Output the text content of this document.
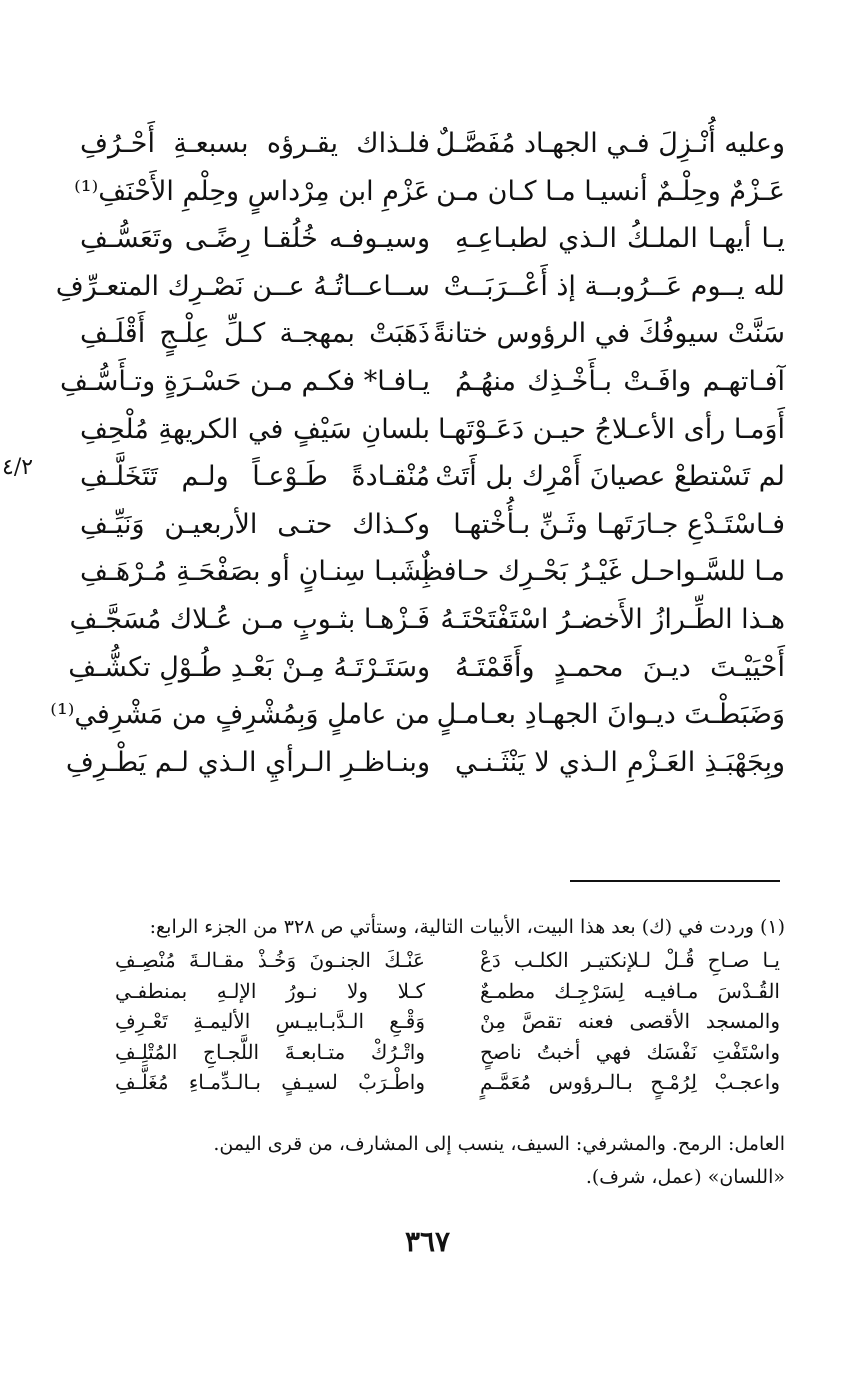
وعليه أُنْـزِلَ فـي الجهـاد مُفَصَّـلٌ
عَـزْمٌ وحِلْـمٌ أنسيـا مـا كـان مـن
يـا أيهـا الملـكُ الـذي لطبـاعِـهِ
لله يــوم عَــرُوبــة إذ أَعْــرَبَــتْ
سَنَّتْ سيوفُكَ في الرؤوس ختانةً
آفـاتهـم وافَـتْ بـأَخْـذِك منهُـمُ
أَوَمـا رأى الأعـلاجُ حيـن دَعَـوْتَهـا
لم تَسْتطعْ عصيانَ أَمْرِك بل أَتَتْ
فـاسْتَـدْعِ جـارَتَهـا وثَـنِّ بـأُخْتهـا
مـا للسَّـواحـل غَيْـرُ بَحْـرِك حـافظٌ
هـذا الطِّـرازُ الأَخضـرُ اسْتَفْتَحْتَـهُ
أَحْيَيْـتَ ديـنَ محمـدٍ وأَقَمْتَـهُ
وَضَبَطْـتَ ديـوانَ الجهـادِ بعـامـلٍ
وبِجَهْبَـذِ العَـزْمِ الـذي لا يَنْثَـنـي
فلـذاك يقـرؤه بسبعـةِ أَحْـرُفِ
عَزْمِ ابن مِرْداسٍ وحِلْمِ الأَحْنَفِ⁽¹⁾
وسيـوفـه خُلُقـا رِضًـى وتَعَسُّـفِ
ســاعــاتُـهُ عــن نَصْـرِك المتعـرِّفِ
ذَهَبَتْ بمهجـة كـلِّ عِلْـجٍ أَقْلَـفِ
يـافـا* فكـم مـن حَسْـرَةٍ وتـأَسُّـفِ
بلسانِ سَيْفٍ في الكريهةِ مُلْحِفِ
مُنْقـادةً طَـوْعـاً ولـم تَتَخَلَّـفِ
وكـذاك حتـى الأربعيـن وَنَيِّـفِ
بِشَبـا سِنـانٍ أو بصَفْحَـةِ مُـرْهَـفِ
فَـزْهـا بثـوبٍ مـن عُـلاك مُسَجَّـفِ
وسَتَـرْتَـهُ مِـنْ بَعْـدِ طُـوْلِ تكشُّـفِ
من عاملٍ وَبِمُشْرِفٍ من مَشْرِفي⁽¹⁾
وبنـاظـرِ الـرأيِ الـذي لـم يَطْـرِفِ
٤/٢
(١) وردت في (ك) بعد هذا البيت، الأبيات التالية، وستأتي ص ٣٢٨ من الجزء الرابع:
يـا صـاحِ قُـلْ لـلإنكتيـر الكلـب دَعْ
القُـدْسَ مـافيـه لِسَرْجِـك مطمـعٌ
والمسجد الأقصى فعنه تقصَّ مِنْ
واسْتَفْتِ نَفْسَك فهي أخبتُ ناصحٍ
واعجـبْ لِرُمْـحٍ بـالـرؤوس مُعَمَّـمٍ
عَنْـكَ الجنـونَ وَخُـذْ مقـالـةَ مُنْصِـفِ
كـلا ولا نـورُ الإلـهِ بمنطفـي
وَقْـعِ الـدَّبـابيـسِ الأليمـةِ تَعْـرِفِ
واتْـرُكْ متـابعـةَ اللَّجـاجِ المُتْلِـفِ
واطْـرَبْ لسيـفٍ بـالـدِّمـاءِ مُغَلَّـفِ
العامل: الرمح. والمشرفي: السيف، ينسب إلى المشارف، من قرى اليمن.
«اللسان» (عمل، شرف).
٣٦٧
